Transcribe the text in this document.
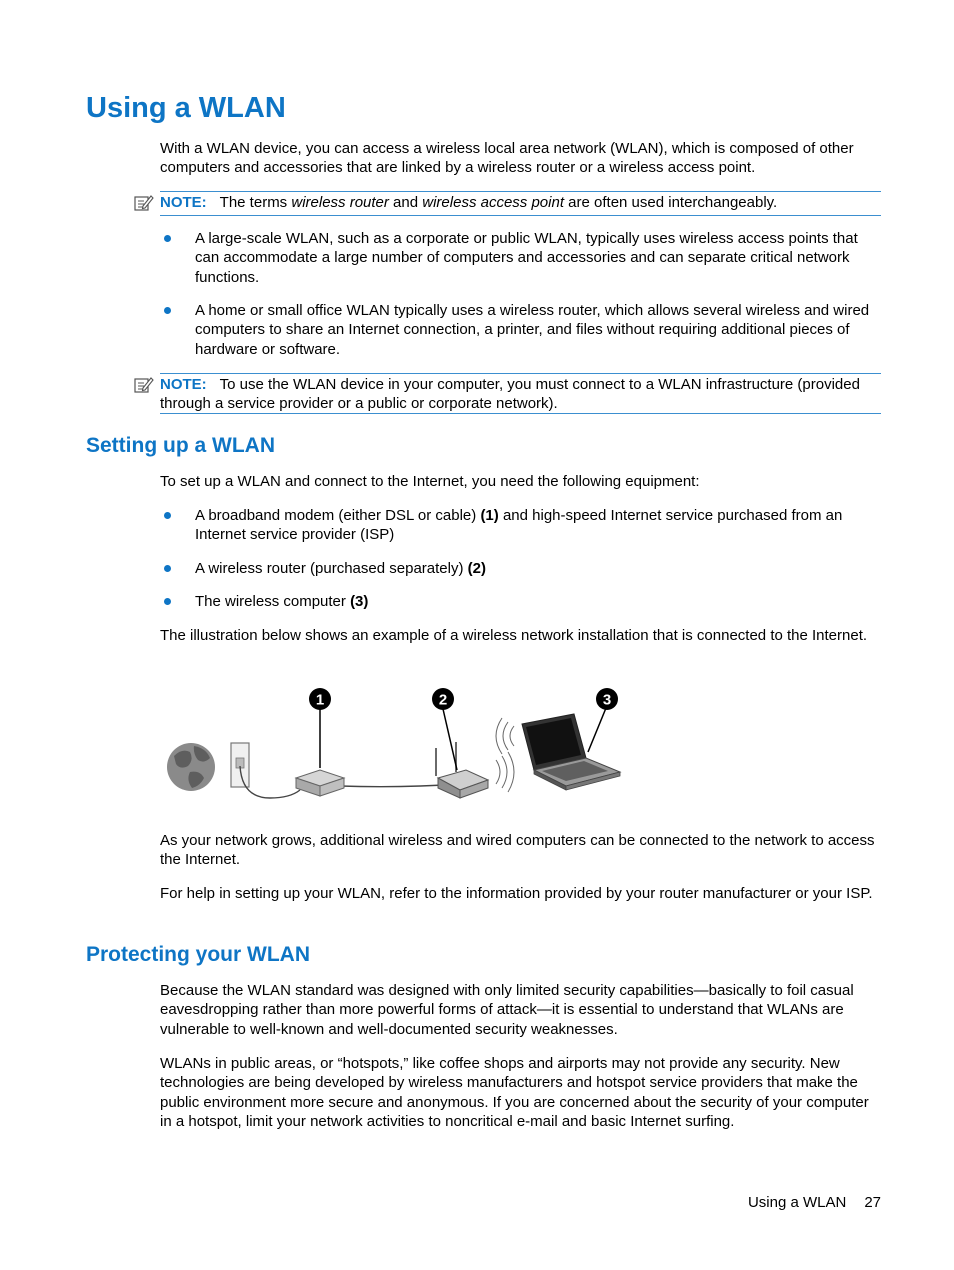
Using a WLAN

With a WLAN device, you can access a wireless local area network (WLAN), which is composed of other computers and accessories that are linked by a wireless router or a wireless access point.

NOTE: The terms wireless router and wireless access point are often used interchangeably.
A large-scale WLAN, such as a corporate or public WLAN, typically uses wireless access points that can accommodate a large number of computers and accessories and can separate critical network functions.
A home or small office WLAN typically uses a wireless router, which allows several wireless and wired computers to share an Internet connection, a printer, and files without requiring additional pieces of hardware or software.
NOTE: To use the WLAN device in your computer, you must connect to a WLAN infrastructure (provided through a service provider or a public or corporate network).
Setting up a WLAN

To set up a WLAN and connect to the Internet, you need the following equipment:

A broadband modem (either DSL or cable) (1) and high-speed Internet service purchased from an Internet service provider (ISP)
A wireless router (purchased separately) (2)
The wireless computer (3)

The illustration below shows an example of a wireless network installation that is connected to the Internet.

1	2	3

As your network grows, additional wireless and wired computers can be connected to the network to access the Internet.

For help in setting up your WLAN, refer to the information provided by your router manufacturer or your ISP.

Protecting your WLAN

Because the WLAN standard was designed with only limited security capabilities—basically to foil casual eavesdropping rather than more powerful forms of attack—it is essential to understand that WLANs are vulnerable to well-known and well-documented security weaknesses.

WLANs in public areas, or “hotspots,” like coffee shops and airports may not provide any security. New technologies are being developed by wireless manufacturers and hotspot service providers that make the public environment more secure and anonymous. If you are concerned about the security of your computer in a hotspot, limit your network activities to noncritical e-mail and basic Internet surfing.

Using a WLAN 27
